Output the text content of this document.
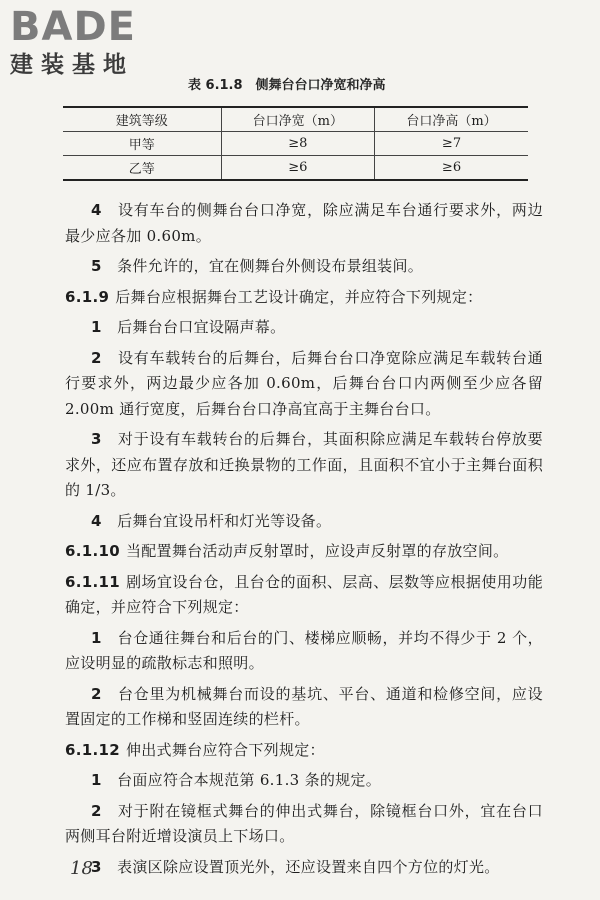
BADE
建装基地
表 6.1.8　侧舞台台口净宽和净高
建筑等级	台口净宽（m）	台口净高（m）
甲等	≥8	≥7
乙等	≥6	≥6

4　 设有车台的侧舞台台口净宽，除应满足车台通行要求外，两边最少应各加 0.60m。

5　 条件允许的，宜在侧舞台外侧设布景组装间。

6.1.9 后舞台应根据舞台工艺设计确定，并应符合下列规定：

1　 后舞台台口宜设隔声幕。

2　 设有车载转台的后舞台，后舞台台口净宽除应满足车载转台通行要求外，两边最少应各加 0.60m，后舞台台口内两侧至少应各留 2.00m 通行宽度，后舞台台口净高宜高于主舞台台口。

3　 对于设有车载转台的后舞台，其面积除应满足车载转台停放要求外，还应布置存放和迁换景物的工作面，且面积不宜小于主舞台面积的 1/3。

4　 后舞台宜设吊杆和灯光等设备。

6.1.10 当配置舞台活动声反射罩时，应设声反射罩的存放空间。

6.1.11 剧场宜设台仓，且台仓的面积、层高、层数等应根据使用功能确定，并应符合下列规定：

1　 台仓通往舞台和后台的门、楼梯应顺畅，并均不得少于 2 个，应设明显的疏散标志和照明。

2　 台仓里为机械舞台而设的基坑、平台、通道和检修空间，应设置固定的工作梯和竖固连续的栏杆。

6.1.12 伸出式舞台应符合下列规定：

1　 台面应符合本规范第 6.1.3 条的规定。

2　 对于附在镜框式舞台的伸出式舞台，除镜框台口外，宜在台口两侧耳台附近增设演员上下场口。

3　 表演区除应设置顶光外，还应设置来自四个方位的灯光。

18
